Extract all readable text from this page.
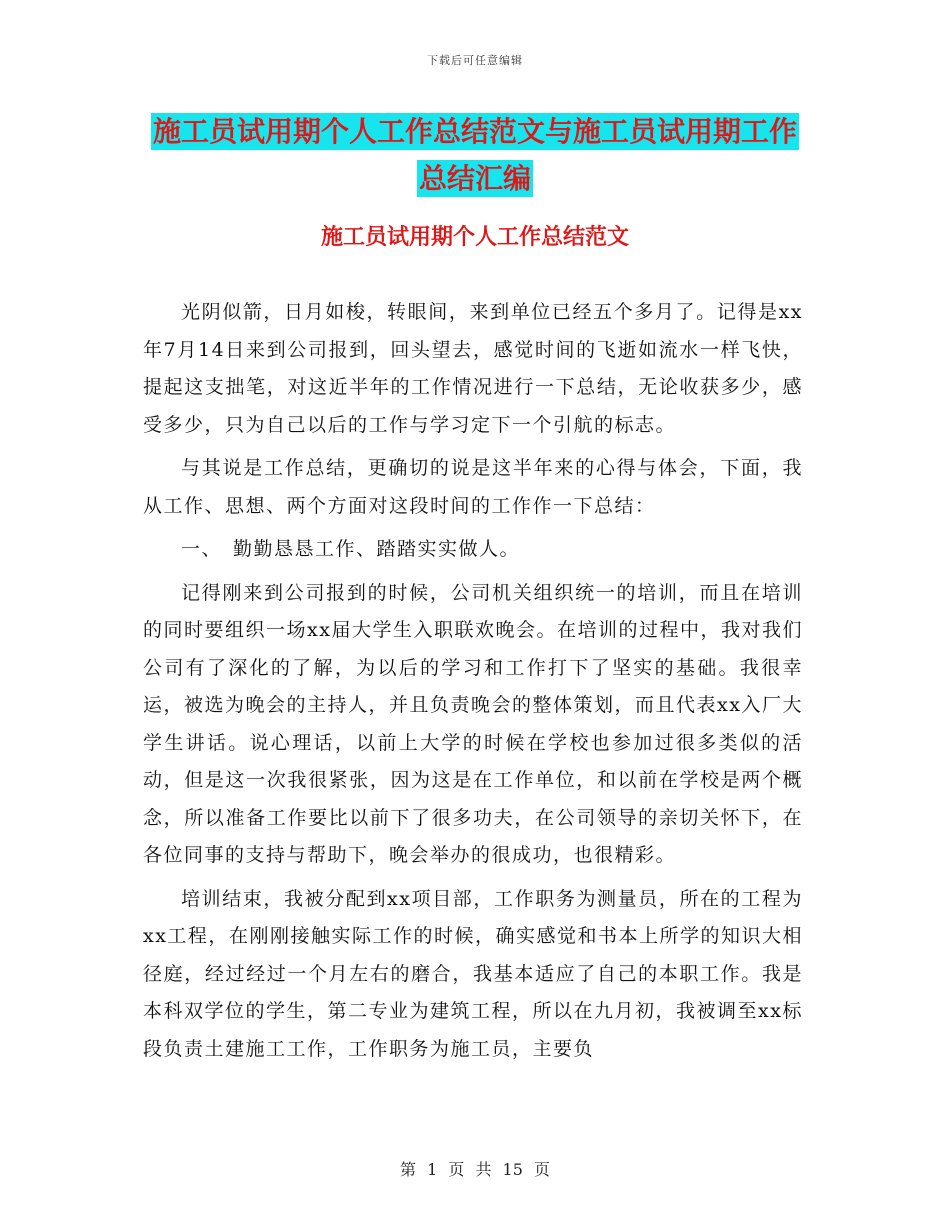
下载后可任意编辑
施工员试用期个人工作总结范文与施工员试用期工作
总结汇编
施工员试用期个人工作总结范文

光阴似箭，日月如梭，转眼间，来到单位已经五个多月了。记得是xx年7月14日来到公司报到，回头望去，感觉时间的飞逝如流水一样飞快，提起这支拙笔，对这近半年的工作情况进行一下总结，无论收获多少，感受多少，只为自己以后的工作与学习定下一个引航的标志。

与其说是工作总结，更确切的说是这半年来的心得与体会，下面，我从工作、思想、两个方面对这段时间的工作作一下总结：

一、　勤勤恳恳工作、踏踏实实做人。

记得刚来到公司报到的时候，公司机关组织统一的培训，而且在培训的同时要组织一场xx届大学生入职联欢晚会。在培训的过程中，我对我们公司有了深化的了解，为以后的学习和工作打下了坚实的基础。我很幸运，被选为晚会的主持人，并且负责晚会的整体策划，而且代表xx入厂大学生讲话。说心理话，以前上大学的时候在学校也参加过很多类似的活动，但是这一次我很紧张，因为这是在工作单位，和以前在学校是两个概念，所以准备工作要比以前下了很多功夫，在公司领导的亲切关怀下，在各位同事的支持与帮助下，晚会举办的很成功，也很精彩。

培训结束，我被分配到xx项目部，工作职务为测量员，所在的工程为xx工程，在刚刚接触实际工作的时候，确实感觉和书本上所学的知识大相径庭，经过经过一个月左右的磨合，我基本适应了自己的本职工作。我是本科双学位的学生，第二专业为建筑工程，所以在九月初，我被调至xx标段负责土建施工工作，工作职务为施工员，主要负

第 1 页 共 15 页
